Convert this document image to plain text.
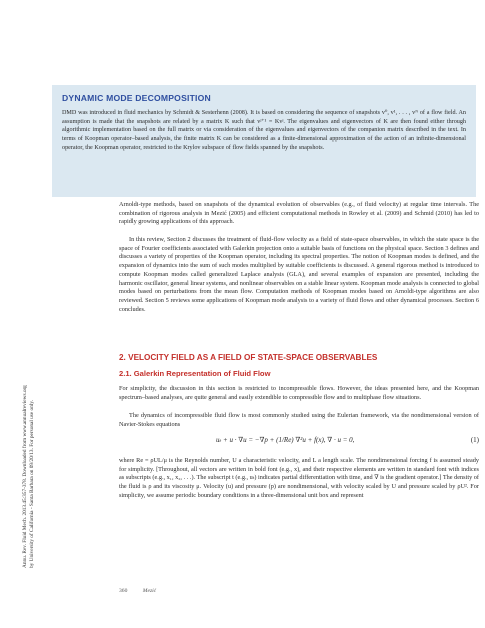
DYNAMIC MODE DECOMPOSITION

DMD was introduced in fluid mechanics by Schmidt & Sesterhenn (2008). It is based on considering the sequence of snapshots v⁰, v¹, . . . , vᴺ of a flow field. An assumption is made that the snapshots are related by a matrix K such that vʲ⁺¹ = Kvʲ. The eigenvalues and eigenvectors of K are then found either through algorithmic implementation based on the full matrix or via consideration of the eigenvalues and eigenvectors of the companion matrix described in the text. In terms of Koopman operator–based analysis, the finite matrix K can be considered as a finite-dimensional approximation of the action of an infinite-dimensional operator, the Koopman operator, restricted to the Krylov subspace of flow fields spanned by the snapshots.

Annu. Rev. Fluid Mech. 2013.45:357-378. Downloaded from www.annualreviews.org by University of California - Santa Barbara on 09/20/13. For personal use only.

Arnoldi-type methods, based on snapshots of the dynamical evolution of observables (e.g., of fluid velocity) at regular time intervals. The combination of rigorous analysis in Mezić (2005) and efficient computational methods in Rowley et al. (2009) and Schmid (2010) has led to rapidly growing applications of this approach.

In this review, Section 2 discusses the treatment of fluid-flow velocity as a field of state-space observables, in which the state space is the space of Fourier coefficients associated with Galerkin projection onto a suitable basis of functions on the physical space. Section 3 defines and discusses a variety of properties of the Koopman operator, including its spectral properties. The notion of Koopman modes is defined, and the expansion of dynamics into the sum of such modes multiplied by suitable coefficients is discussed. A general rigorous method is introduced to compute Koopman modes called generalized Laplace analysis (GLA), and several examples of expansion are presented, including the harmonic oscillator, general linear systems, and nonlinear observables on a stable linear system. Koopman mode analysis is connected to global modes based on perturbations from the mean flow. Computation methods of Koopman modes based on Arnoldi-type algorithms are also reviewed. Section 5 reviews some applications of Koopman mode analysis to a variety of fluid flows and other dynamical processes. Section 6 concludes.

2. VELOCITY FIELD AS A FIELD OF STATE-SPACE OBSERVABLES

2.1. Galerkin Representation of Fluid Flow

For simplicity, the discussion in this section is restricted to incompressible flows. However, the ideas presented here, and the Koopman spectrum–based analyses, are quite general and easily extendible to compressible flow and to multiphase flow situations.

The dynamics of incompressible fluid flow is most commonly studied using the Eulerian framework, via the nondimensional version of Navier-Stokes equations

uₜ + u · ∇u = −∇p + (1/Re) ∇²u + f(x), ∇ · u = 0,	(1)

where Re = ρUL/μ is the Reynolds number, U a characteristic velocity, and L a length scale. The nondimensional forcing f is assumed steady for simplicity. [Throughout, all vectors are written in bold font (e.g., x), and their respective elements are written in standard font with indices as subscripts (e.g., x₁, x₂, . . .). The subscript t (e.g., uₜ) indicates partial differentiation with time, and ∇ is the gradient operator.] The density of the fluid is ρ and its viscosity μ. Velocity (u) and pressure (p) are nondimensional, with velocity scaled by U and pressure scaled by ρU². For simplicity, we assume periodic boundary conditions in a three-dimensional unit box and represent

360	Mezić
